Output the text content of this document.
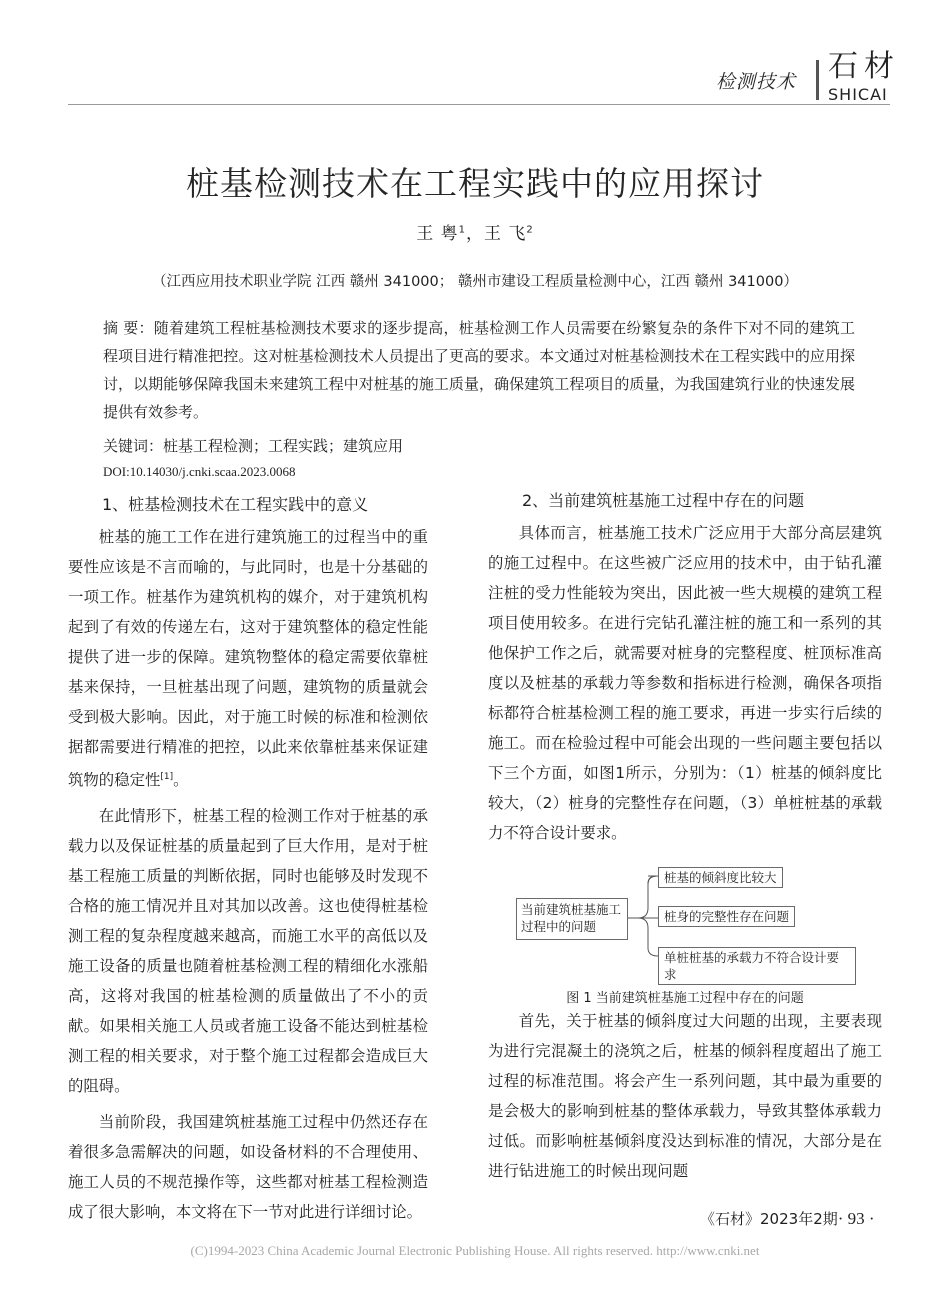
检测技术 石材
SHICAI
桩基检测技术在工程实践中的应用探讨
王 粤$^1$，王 飞$^2$
（江西应用技术职业学院 江西 赣州 341000； 赣州市建设工程质量检测中心，江西 赣州 341000）
摘 要：随着建筑工程桩基检测技术要求的逐步提高，桩基检测工作人员需要在纷繁复杂的条件下对不同的建筑工程项目进行精准把控。这对桩基检测技术人员提出了更高的要求。本文通过对桩基检测技术在工程实践中的应用探讨，以期能够保障我国未来建筑工程中对桩基的施工质量，确保建筑工程项目的质量，为我国建筑行业的快速发展提供有效参考。
关键词：桩基工程检测；工程实践；建筑应用
DOI:10.14030/j.cnki.scaa.2023.0068
1、桩基检测技术在工程实践中的意义

桩基的施工工作在进行建筑施工的过程当中的重要性应该是不言而喻的，与此同时，也是十分基础的一项工作。桩基作为建筑机构的媒介，对于建筑机构起到了有效的传递左右，这对于建筑整体的稳定性能提供了进一步的保障。建筑物整体的稳定需要依靠桩基来保持，一旦桩基出现了问题，建筑物的质量就会受到极大影响。因此，对于施工时候的标准和检测依据都需要进行精准的把控，以此来依靠桩基来保证建筑物的稳定性[1]。

在此情形下，桩基工程的检测工作对于桩基的承载力以及保证桩基的质量起到了巨大作用，是对于桩基工程施工质量的判断依据，同时也能够及时发现不合格的施工情况并且对其加以改善。这也使得桩基检测工程的复杂程度越来越高，而施工水平的高低以及施工设备的质量也随着桩基检测工程的精细化水涨船高，这将对我国的桩基检测的质量做出了不小的贡献。如果相关施工人员或者施工设备不能达到桩基检测工程的相关要求，对于整个施工过程都会造成巨大的阻碍。

当前阶段，我国建筑桩基施工过程中仍然还存在着很多急需解决的问题，如设备材料的不合理使用、施工人员的不规范操作等，这些都对桩基工程检测造成了很大影响，本文将在下一节对此进行详细讨论。

2、当前建筑桩基施工过程中存在的问题

具体而言，桩基施工技术广泛应用于大部分高层建筑的施工过程中。在这些被广泛应用的技术中，由于钻孔灌注桩的受力性能较为突出，因此被一些大规模的建筑工程项目使用较多。在进行完钻孔灌注桩的施工和一系列的其他保护工作之后，就需要对桩身的完整程度、桩顶标准高度以及桩基的承载力等参数和指标进行检测，确保各项指标都符合桩基检测工程的施工要求，再进一步实行后续的施工。而在检验过程中可能会出现的一些问题主要包括以下三个方面，如图1所示，分别为：（1）桩基的倾斜度比较大，（2）桩身的完整性存在问题，（3）单桩桩基的承载力不符合设计要求。

当前建筑桩基施工过程中的问题
桩基的倾斜度比较大
桩身的完整性存在问题
单桩桩基的承载力不符合设计要求
图 1 当前建筑桩基施工过程中存在的问题

首先，关于桩基的倾斜度过大问题的出现，主要表现为进行完混凝土的浇筑之后，桩基的倾斜程度超出了施工过程的标准范围。将会产生一系列问题，其中最为重要的是会极大的影响到桩基的整体承载力，导致其整体承载力过低。而影响桩基倾斜度没达到标准的情况，大部分是在进行钻进施工的时候出现问题

《石材》2023年2期· 93 ·
(C)1994-2023 China Academic Journal Electronic Publishing House. All rights reserved. http://www.cnki.net
